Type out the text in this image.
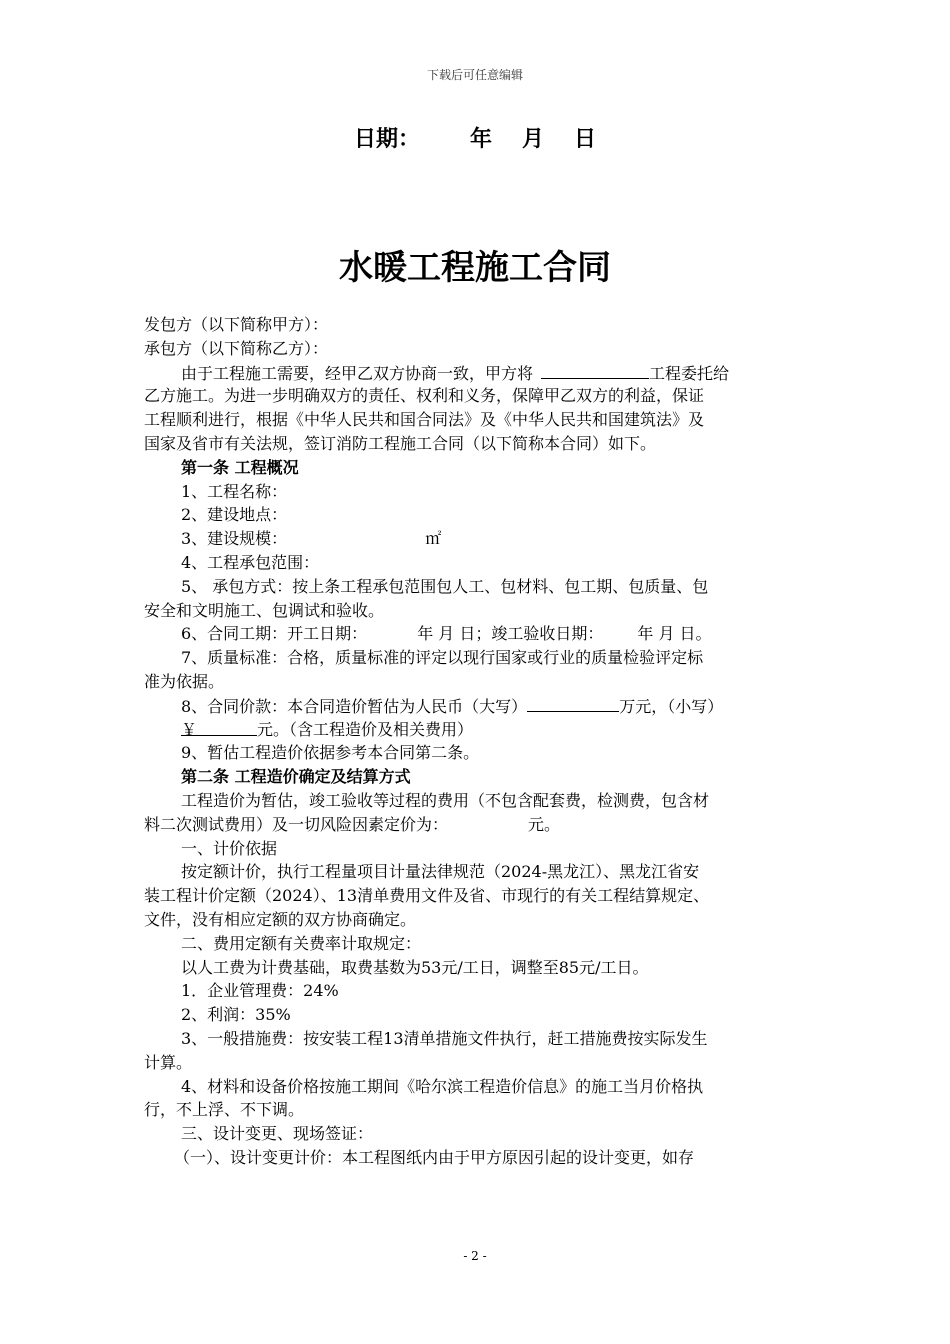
下载后可任意编辑
日期： 年 月 日
水暖工程施工合同
发包方（以下简称甲方）：
承包方（以下简称乙方）：
由于工程施工需要，经甲乙双方协商一致，甲方将	工程委托给
乙方施工。为进一步明确双方的责任、权利和义务，保障甲乙双方的利益，保证
工程顺利进行，根据《中华人民共和国合同法》及《中华人民共和国建筑法》及
国家及省市有关法规，签订消防工程施工合同（以下简称本合同）如下。
第一条 工程概况
1、工程名称：
2、建设地点：
3、建设规模：	㎡
4、工程承包范围：
5、 承包方式：按上条工程承包范围包人工、包材料、包工期、包质量、包
安全和文明施工、包调试和验收。
6、合同工期：开工日期：	年 月 日；竣工验收日期： 年 月 日。
7、质量标准：合格，质量标准的评定以现行国家或行业的质量检验评定标
准为依据。
8、合同价款：本合同造价暂估为人民币（大写）	万元，（小写）
￥	元。（含工程造价及相关费用）
9、暂估工程造价依据参考本合同第二条。
第二条 工程造价确定及结算方式
工程造价为暂估，竣工验收等过程的费用（不包含配套费，检测费，包含材
料二次测试费用）及一切风险因素定价为：	元。
一、计价依据
按定额计价，执行工程量项目计量法律规范（2024-黑龙江）、黑龙江省安
装工程计价定额（2024）、13清单费用文件及省、市现行的有关工程结算规定、
文件，没有相应定额的双方协商确定。
二、费用定额有关费率计取规定：
以人工费为计费基础，取费基数为53元/工日，调整至85元/工日。
1．企业管理费：24%
2、利润：35%
3、一般措施费：按安装工程13清单措施文件执行，赶工措施费按实际发生
计算。
4、材料和设备价格按施工期间《哈尔滨工程造价信息》的施工当月价格执
行，不上浮、不下调。
三、设计变更、现场签证：
（一）、设计变更计价：本工程图纸内由于甲方原因引起的设计变更，如存
- 2 -
